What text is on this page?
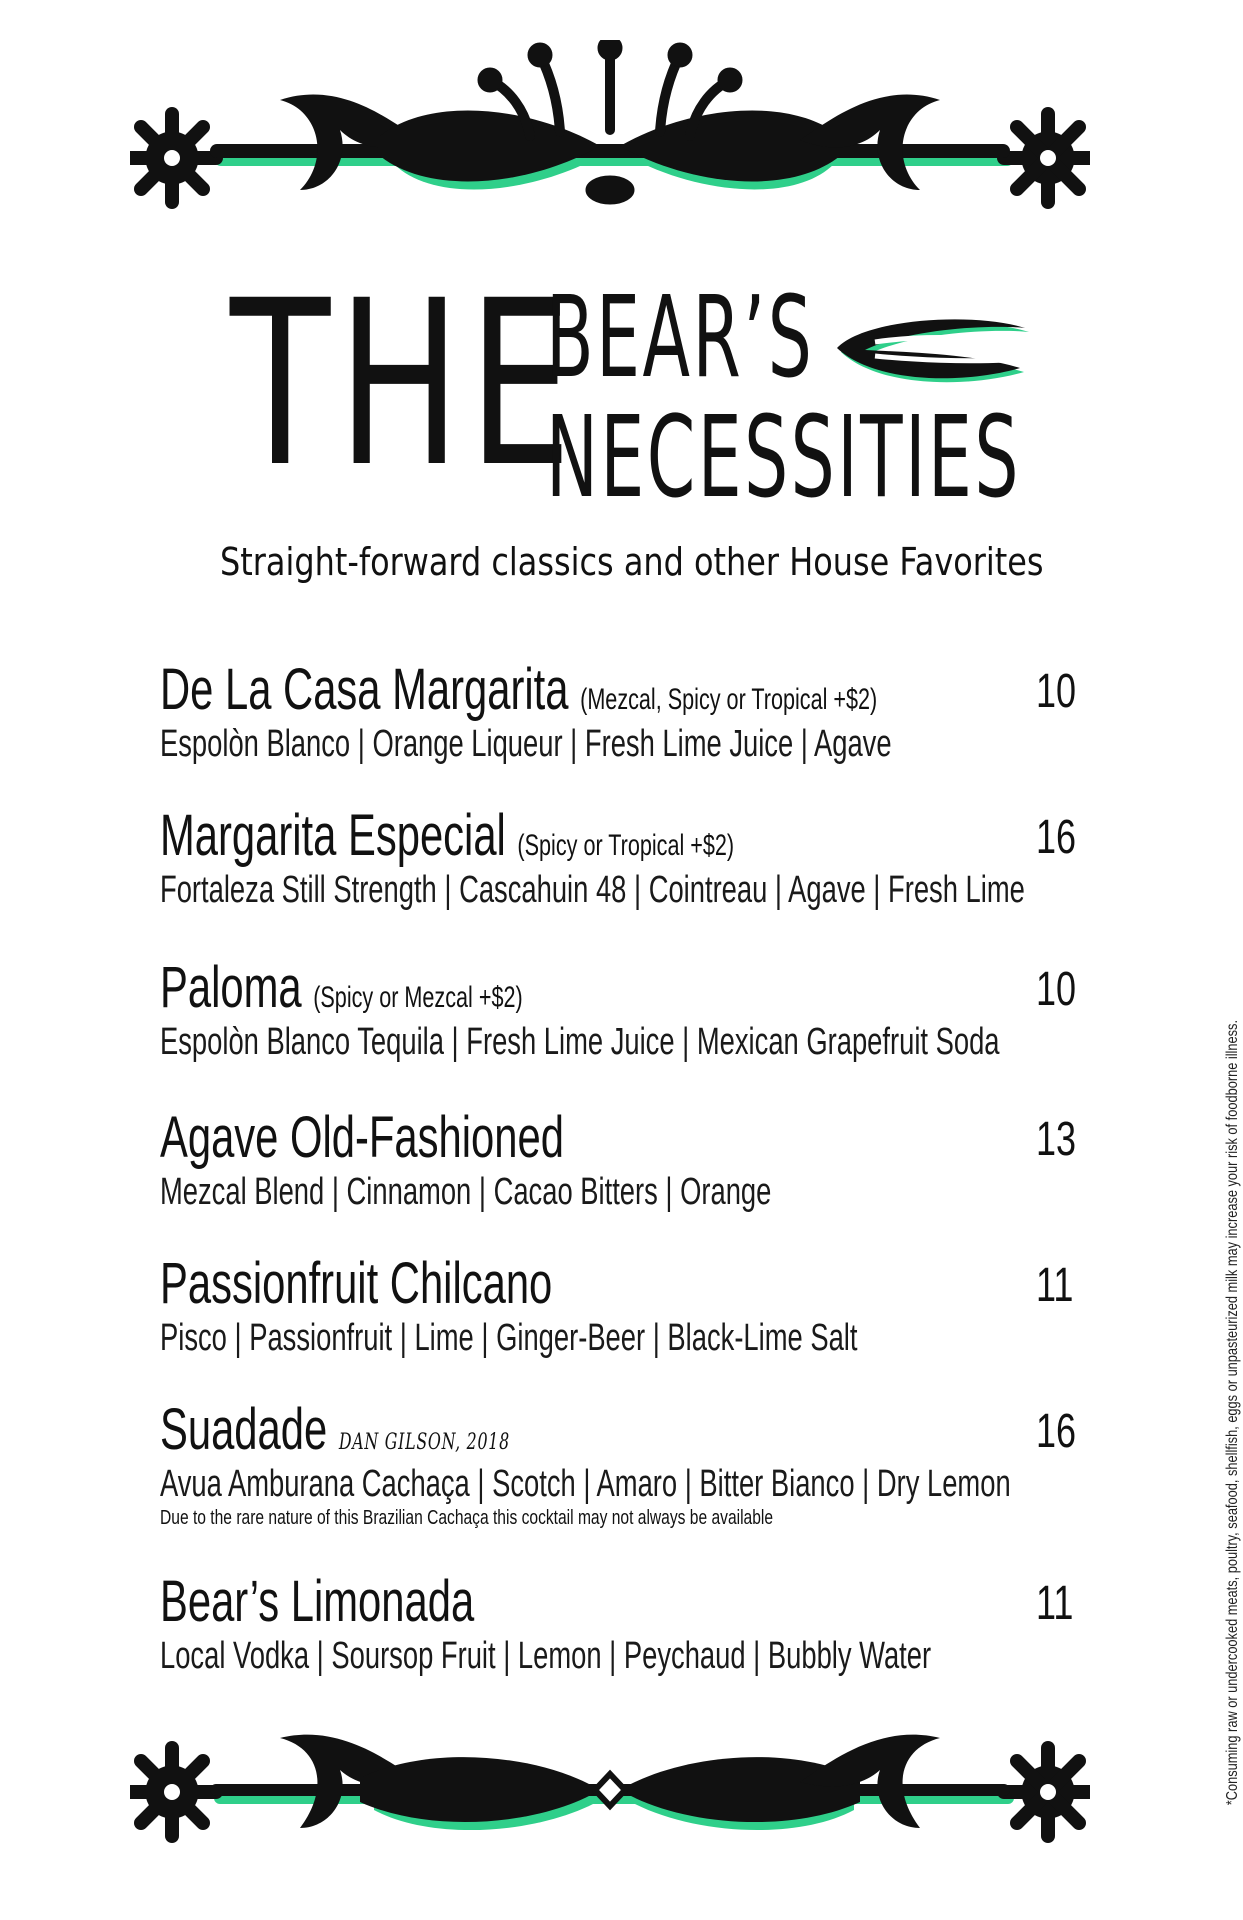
THE
BEAR’S
NECESSITIES
Straight-forward classics and other House Favorites
De La Casa Margarita (Mezcal, Spicy or Tropical +$2)
Espolòn Blanco | Orange Liqueur | Fresh Lime Juice | Agave
10
Margarita Especial (Spicy or Tropical +$2)
Fortaleza Still Strength | Cascahuin 48 | Cointreau | Agave | Fresh Lime
16
Paloma (Spicy or Mezcal +$2)
Espolòn Blanco Tequila | Fresh Lime Juice | Mexican Grapefruit Soda
10
Agave Old-Fashioned
Mezcal Blend | Cinnamon | Cacao Bitters | Orange
13
Passionfruit Chilcano
Pisco | Passionfruit | Lime | Ginger-Beer | Black-Lime Salt
11
Suadade DAN GILSON, 2018
Avua Amburana Cachaça | Scotch | Amaro | Bitter Bianco | Dry Lemon
Due to the rare nature of this Brazilian Cachaça this cocktail may not always be available
16
Bear’s Limonada
Local Vodka | Soursop Fruit | Lemon | Peychaud | Bubbly Water
11	*Consuming raw or undercooked meats, poultry, seafood, shellfish, eggs or unpasteurized milk may increase your risk of foodborne illness.
